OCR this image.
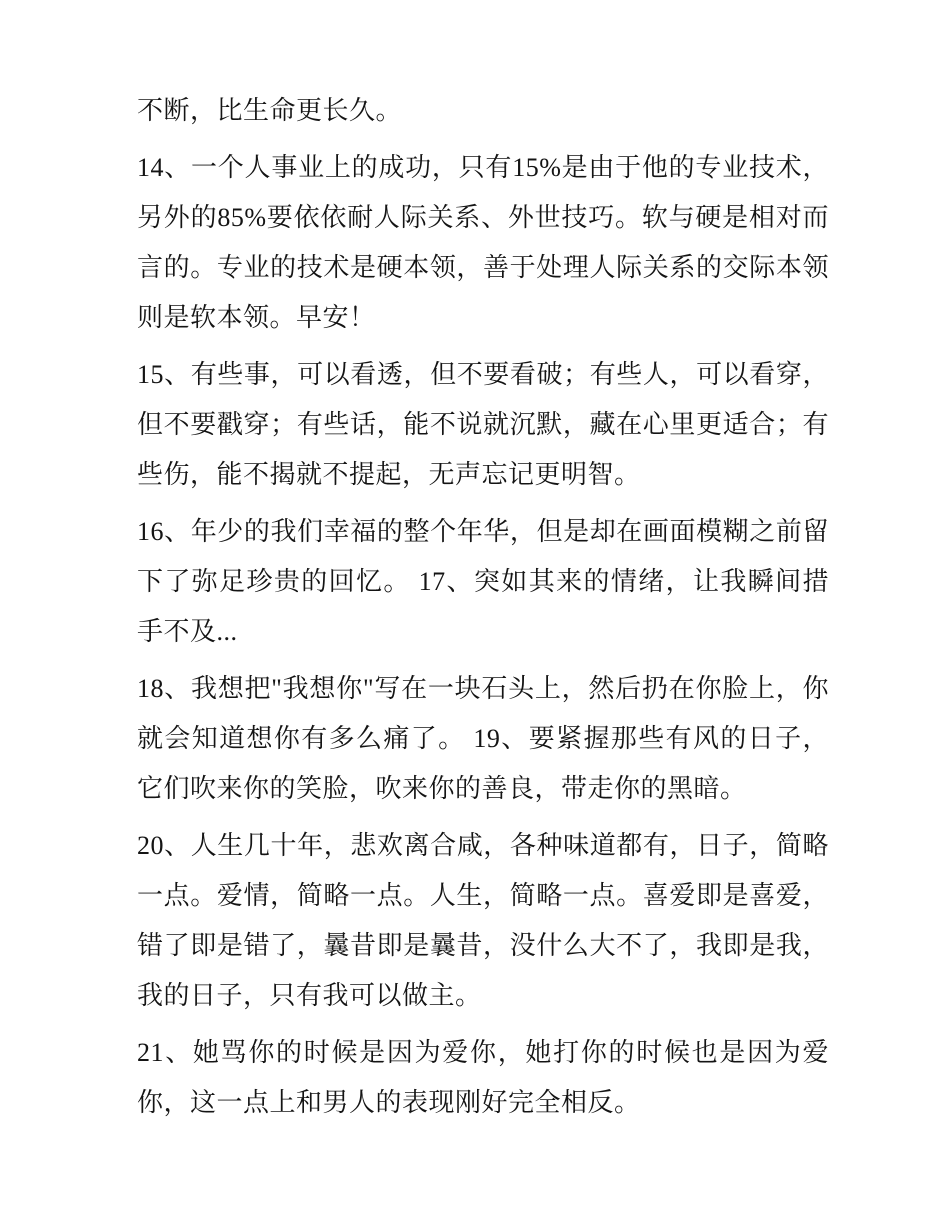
不断，比生命更长久。

14、一个人事业上的成功，只有15%是由于他的专业技术，另外的85%要依依耐人际关系、外世技巧。软与硬是相对而言的。专业的技术是硬本领，善于处理人际关系的交际本领则是软本领。早安！

15、有些事，可以看透，但不要看破；有些人，可以看穿，但不要戳穿；有些话，能不说就沉默，藏在心里更适合；有些伤，能不揭就不提起，无声忘记更明智。

16、年少的我们幸福的整个年华，但是却在画面模糊之前留下了弥足珍贵的回忆。 17、突如其来的情绪，让我瞬间措手不及...

18、我想把"我想你"写在一块石头上，然后扔在你脸上，你就会知道想你有多么痛了。 19、要紧握那些有风的日子，它们吹来你的笑脸，吹来你的善良，带走你的黑暗。

20、人生几十年，悲欢离合咸，各种味道都有，日子，简略一点。爱情，简略一点。人生，简略一点。喜爱即是喜爱，错了即是错了，曩昔即是曩昔，没什么大不了，我即是我，我的日子，只有我可以做主。

21、她骂你的时候是因为爱你，她打你的时候也是因为爱你，这一点上和男人的表现刚好完全相反。
